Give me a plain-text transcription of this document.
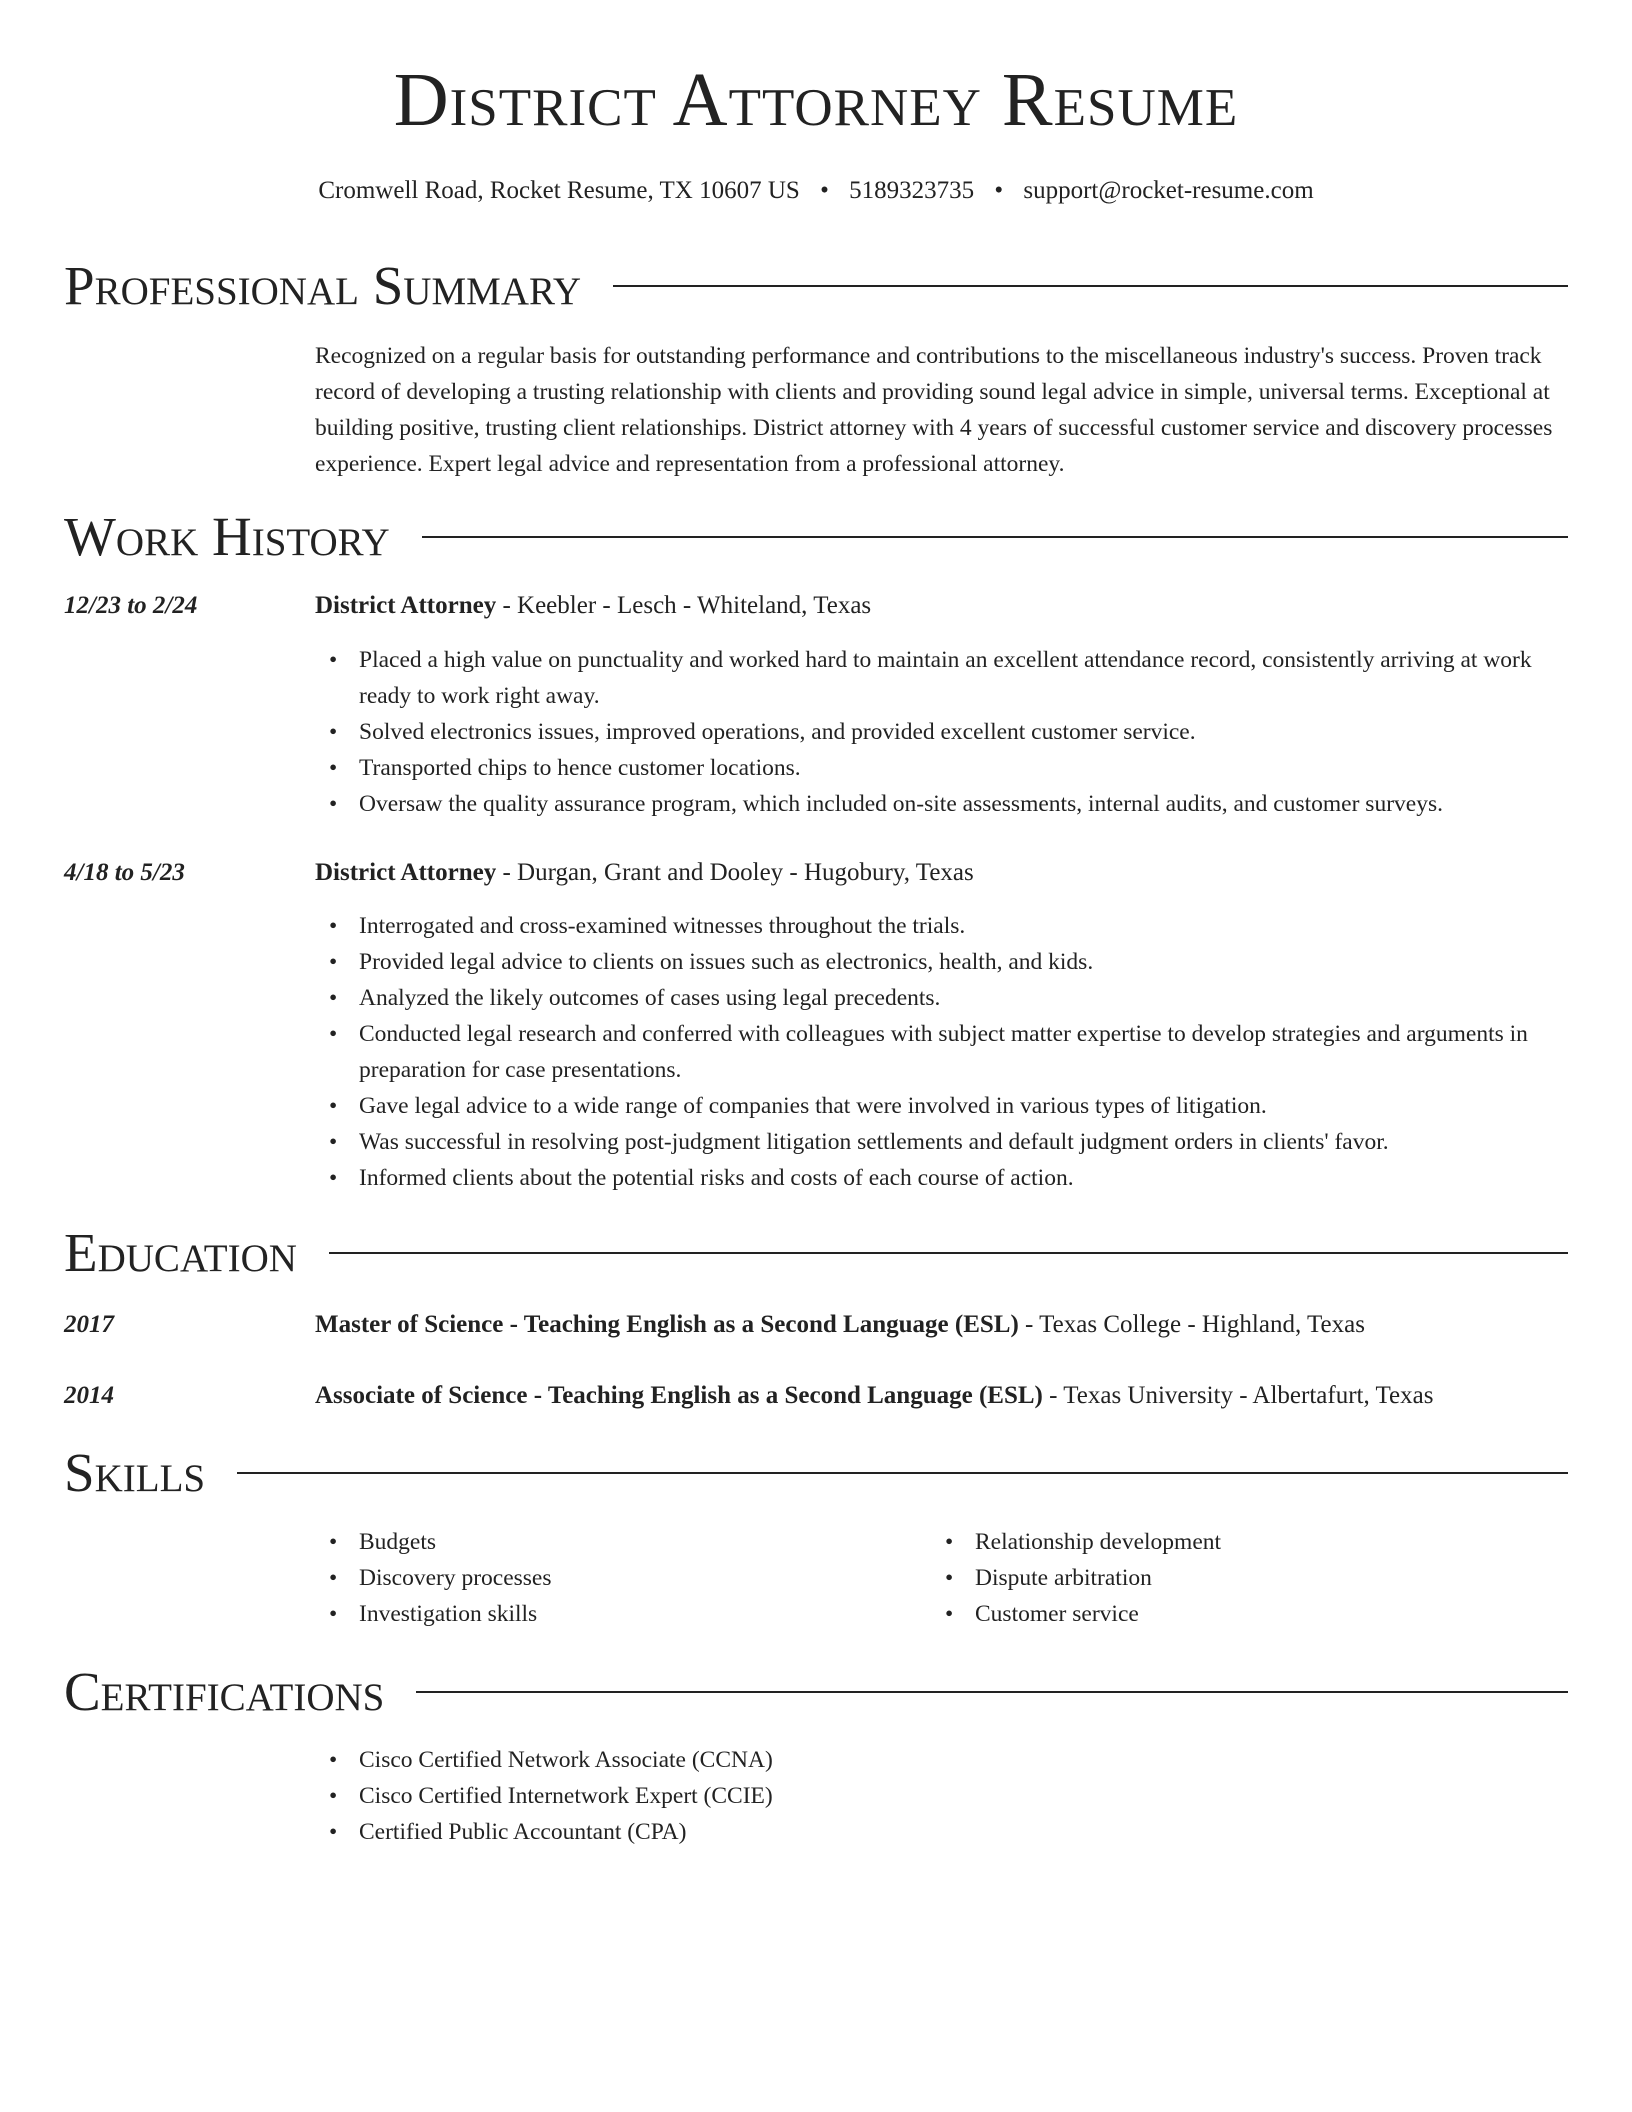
District Attorney Resume
Cromwell Road, Rocket Resume, TX 10607 US • 5189323735 • support@rocket-resume.com
Professional Summary

Recognized on a regular basis for outstanding performance and contributions to the miscellaneous industry's success. Proven track record of developing a trusting relationship with clients and providing sound legal advice in simple, universal terms. Exceptional at building positive, trusting client relationships. District attorney with 4 years of successful customer service and discovery processes experience. Expert legal advice and representation from a professional attorney.

Work History
12/23 to 2/24	District Attorney - Keebler - Lesch - Whiteland, Texas
• Placed a high value on punctuality and worked hard to maintain an excellent attendance record, consistently arriving at work ready to work right away.
• Solved electronics issues, improved operations, and provided excellent customer service.
• Transported chips to hence customer locations.
• Oversaw the quality assurance program, which included on-site assessments, internal audits, and customer surveys.
4/18 to 5/23	District Attorney - Durgan, Grant and Dooley - Hugobury, Texas
• Interrogated and cross-examined witnesses throughout the trials.
• Provided legal advice to clients on issues such as electronics, health, and kids.
• Analyzed the likely outcomes of cases using legal precedents.
• Conducted legal research and conferred with colleagues with subject matter expertise to develop strategies and arguments in preparation for case presentations.
• Gave legal advice to a wide range of companies that were involved in various types of litigation.
• Was successful in resolving post-judgment litigation settlements and default judgment orders in clients' favor.
• Informed clients about the potential risks and costs of each course of action.
Education
2017	Master of Science - Teaching English as a Second Language (ESL) - Texas College - Highland, Texas
2014	Associate of Science - Teaching English as a Second Language (ESL) - Texas University - Albertafurt, Texas
Skills
• Budgets
• Discovery processes
• Investigation skills
• Relationship development
• Dispute arbitration
• Customer service
Certifications
• Cisco Certified Network Associate (CCNA)
• Cisco Certified Internetwork Expert (CCIE)
• Certified Public Accountant (CPA)
